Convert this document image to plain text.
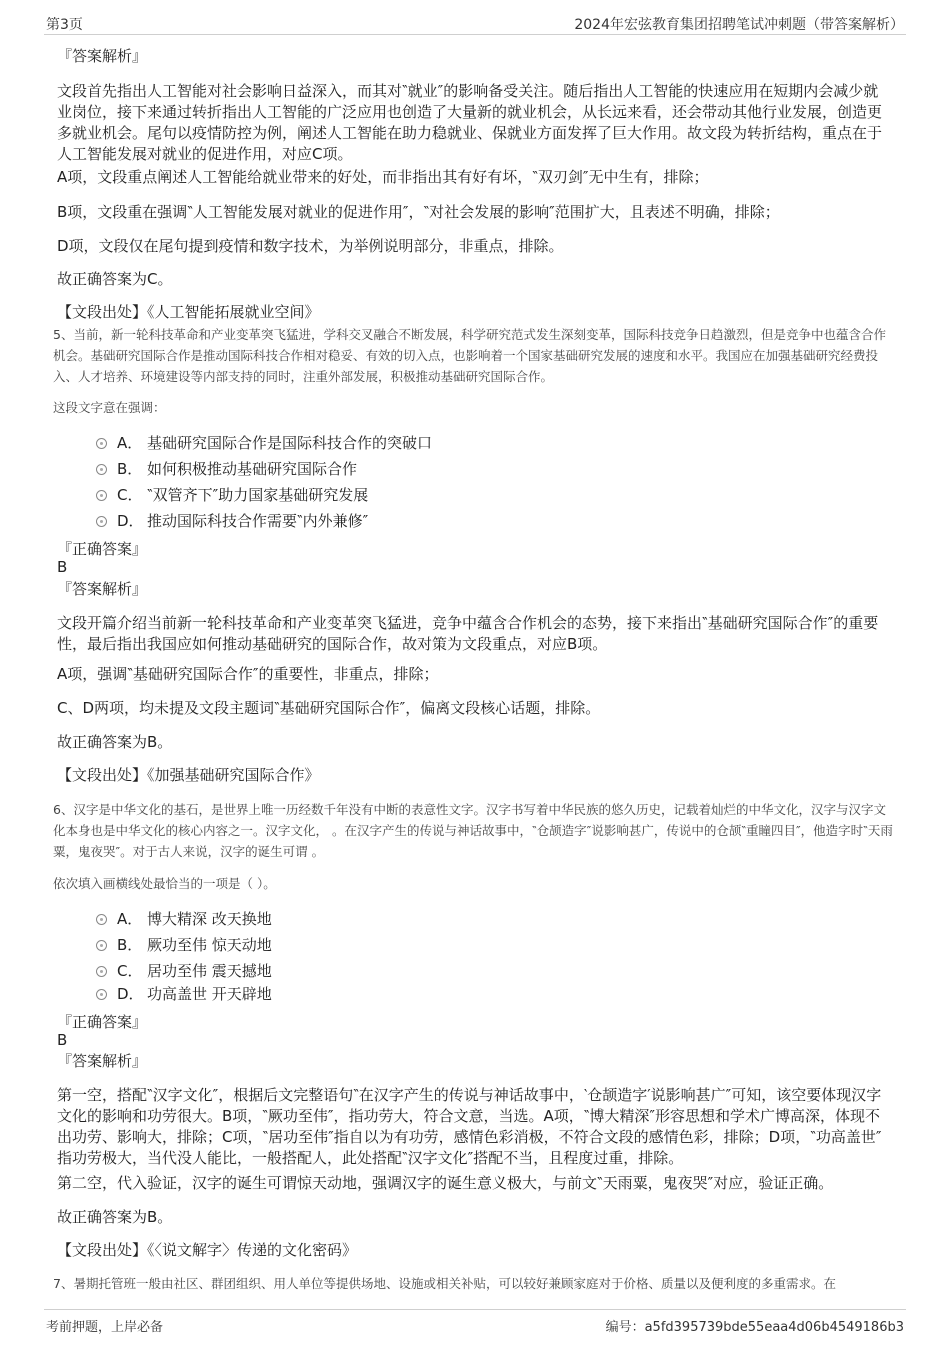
第3页	2024年宏弦教育集团招聘笔试冲刺题（带答案解析）
『答案解析』
文段首先指出人工智能对社会影响日益深入，而其对‶就业″的影响备受关注。随后指出人工智能的快速应用在短期内会减少就业岗位，接下来通过转折指出人工智能的广泛应用也创造了大量新的就业机会，从长远来看，还会带动其他行业发展，创造更多就业机会。尾句以疫情防控为例，阐述人工智能在助力稳就业、保就业方面发挥了巨大作用。故文段为转折结构，重点在于人工智能发展对就业的促进作用，对应C项。
A项，文段重点阐述人工智能给就业带来的好处，而非指出其有好有坏，‶双刃剑″无中生有，排除；
B项，文段重在强调‶人工智能发展对就业的促进作用″，‶对社会发展的影响″范围扩大，且表述不明确，排除；
D项，文段仅在尾句提到疫情和数字技术，为举例说明部分，非重点，排除。
故正确答案为C。
【文段出处】《人工智能拓展就业空间》
5、当前，新一轮科技革命和产业变革突飞猛进，学科交叉融合不断发展，科学研究范式发生深刻变革，国际科技竞争日趋激烈，但是竞争中也蕴含合作机会。基础研究国际合作是推动国际科技合作相对稳妥、有效的切入点，也影响着一个国家基础研究发展的速度和水平。我国应在加强基础研究经费投入、人才培养、环境建设等内部支持的同时，注重外部发展，积极推动基础研究国际合作。
这段文字意在强调：
A． 基础研究国际合作是国际科技合作的突破口
B． 如何积极推动基础研究国际合作
C． ‶双管齐下″助力国家基础研究发展
D． 推动国际科技合作需要‶内外兼修″
『正确答案』
B
『答案解析』
文段开篇介绍当前新一轮科技革命和产业变革突飞猛进，竞争中蕴含合作机会的态势，接下来指出‶基础研究国际合作″的重要性，最后指出我国应如何推动基础研究的国际合作，故对策为文段重点，对应B项。
A项，强调‶基础研究国际合作″的重要性，非重点，排除；
C、D两项，均未提及文段主题词‶基础研究国际合作″，偏离文段核心话题，排除。
故正确答案为B。
【文段出处】《加强基础研究国际合作》
6、汉字是中华文化的基石，是世界上唯一历经数千年没有中断的表意性文字。汉字书写着中华民族的悠久历史，记载着灿烂的中华文化，汉字与汉字文化本身也是中华文化的核心内容之一。汉字文化， 。在汉字产生的传说与神话故事中，‶仓颉造字″说影响甚广，传说中的仓颉‶重瞳四目″，他造字时‶天雨粟，鬼夜哭″。对于古人来说，汉字的诞生可谓 。
依次填入画横线处最恰当的一项是（ ）。
A． 博大精深 改天换地
B． 厥功至伟 惊天动地
C． 居功至伟 震天撼地
D． 功高盖世 开天辟地
『正确答案』
B
『答案解析』
第一空，搭配‶汉字文化″，根据后文完整语句‶在汉字产生的传说与神话故事中，‵仓颉造字′说影响甚广″可知，该空要体现汉字文化的影响和功劳很大。B项，‶厥功至伟″，指功劳大，符合文意，当选。A项，‶博大精深″形容思想和学术广博高深，体现不出功劳、影响大，排除；C项，‶居功至伟″指自以为有功劳，感情色彩消极，不符合文段的感情色彩，排除；D项，‶功高盖世″指功劳极大，当代没人能比，一般搭配人，此处搭配‶汉字文化″搭配不当，且程度过重，排除。
第二空，代入验证，汉字的诞生可谓惊天动地，强调汉字的诞生意义极大，与前文‶天雨粟，鬼夜哭″对应，验证正确。
故正确答案为B。
【文段出处】《〈说文解字〉传递的文化密码》
7、暑期托管班一般由社区、群团组织、用人单位等提供场地、设施或相关补贴，可以较好兼顾家庭对于价格、质量以及便利度的多重需求。在
考前押题，上岸必备	编号：a5fd395739bde55eaa4d06b4549186b3
